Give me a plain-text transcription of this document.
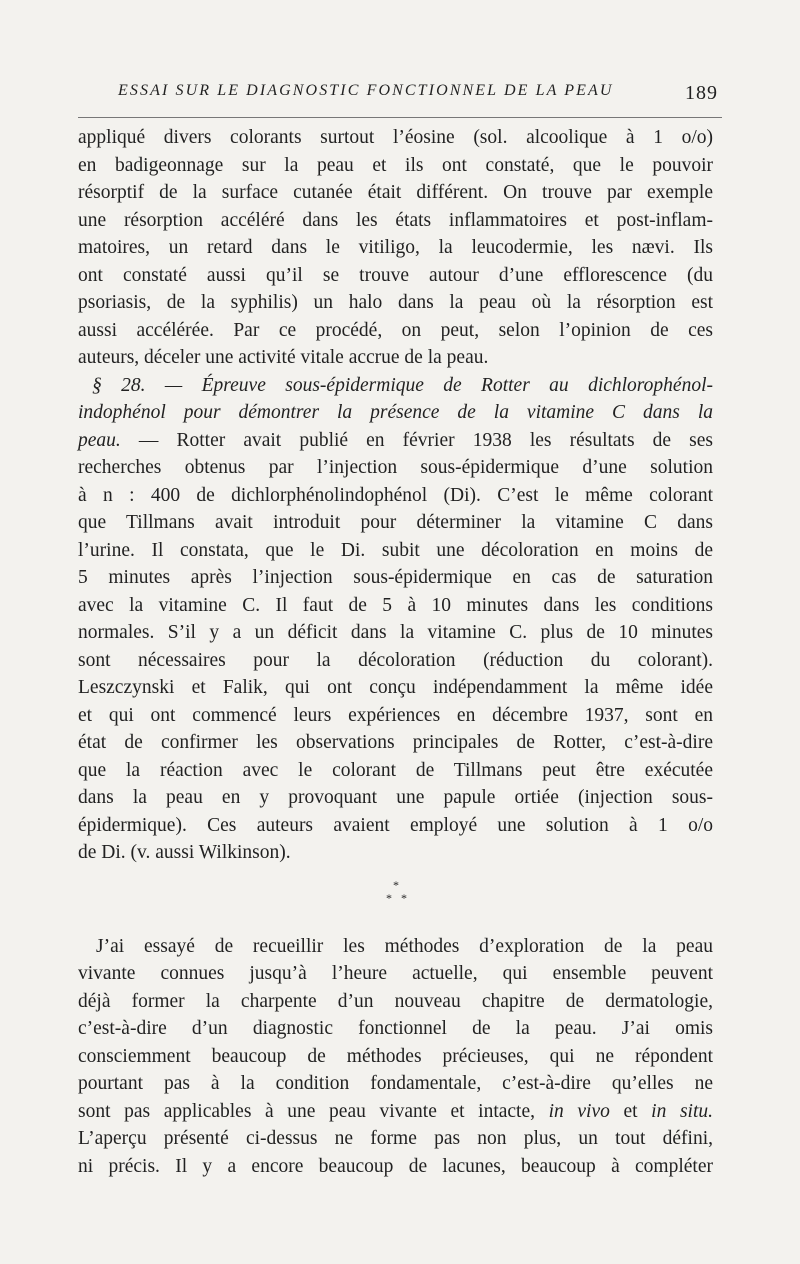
ESSAI SUR LE DIAGNOSTIC FONCTIONNEL DE LA PEAU	189
appliqué divers colorants surtout l’éosine (sol. alcoolique à 1 o/o)
en badigeonnage sur la peau et ils ont constaté, que le pouvoir
résorptif de la surface cutanée était différent. On trouve par exemple
une résorption accéléré dans les états inflammatoires et post-inflam-
matoires, un retard dans le vitiligo, la leucodermie, les nævi. Ils
ont constaté aussi qu’il se trouve autour d’une efflorescence (du
psoriasis, de la syphilis) un halo dans la peau où la résorption est
aussi accélérée. Par ce procédé, on peut, selon l’opinion de ces
auteurs, déceler une activité vitale accrue de la peau.
§ 28. — Épreuve sous-épidermique de Rotter au dichlorophénol-
indophénol pour démontrer la présence de la vitamine C dans la
peau. — Rotter avait publié en février 1938 les résultats de ses
recherches obtenus par l’injection sous-épidermique d’une solution
à n : 400 de dichlorphénolindophénol (Di). C’est le même colorant
que Tillmans avait introduit pour déterminer la vitamine C dans
l’urine. Il constata, que le Di. subit une décoloration en moins de
5 minutes après l’injection sous-épidermique en cas de saturation
avec la vitamine C. Il faut de 5 à 10 minutes dans les conditions
normales. S’il y a un déficit dans la vitamine C. plus de 10 minutes
sont nécessaires pour la décoloration (réduction du colorant).
Leszczynski et Falik, qui ont conçu indépendamment la même idée
et qui ont commencé leurs expériences en décembre 1937, sont en
état de confirmer les observations principales de Rotter, c’est-à-dire
que la réaction avec le colorant de Tillmans peut être exécutée
dans la peau en y provoquant une papule ortiée (injection sous-
épidermique). Ces auteurs avaient employé une solution à 1 o/o
de Di. (v. aussi Wilkinson).
*
* *
J’ai essayé de recueillir les méthodes d’exploration de la peau
vivante connues jusqu’à l’heure actuelle, qui ensemble peuvent
déjà former la charpente d’un nouveau chapitre de dermatologie,
c’est-à-dire d’un diagnostic fonctionnel de la peau. J’ai omis
consciemment beaucoup de méthodes précieuses, qui ne répondent
pourtant pas à la condition fondamentale, c’est-à-dire qu’elles ne
sont pas applicables à une peau vivante et intacte, in vivo et in situ.
L’aperçu présenté ci-dessus ne forme pas non plus, un tout défini,
ni précis. Il y a encore beaucoup de lacunes, beaucoup à compléter
